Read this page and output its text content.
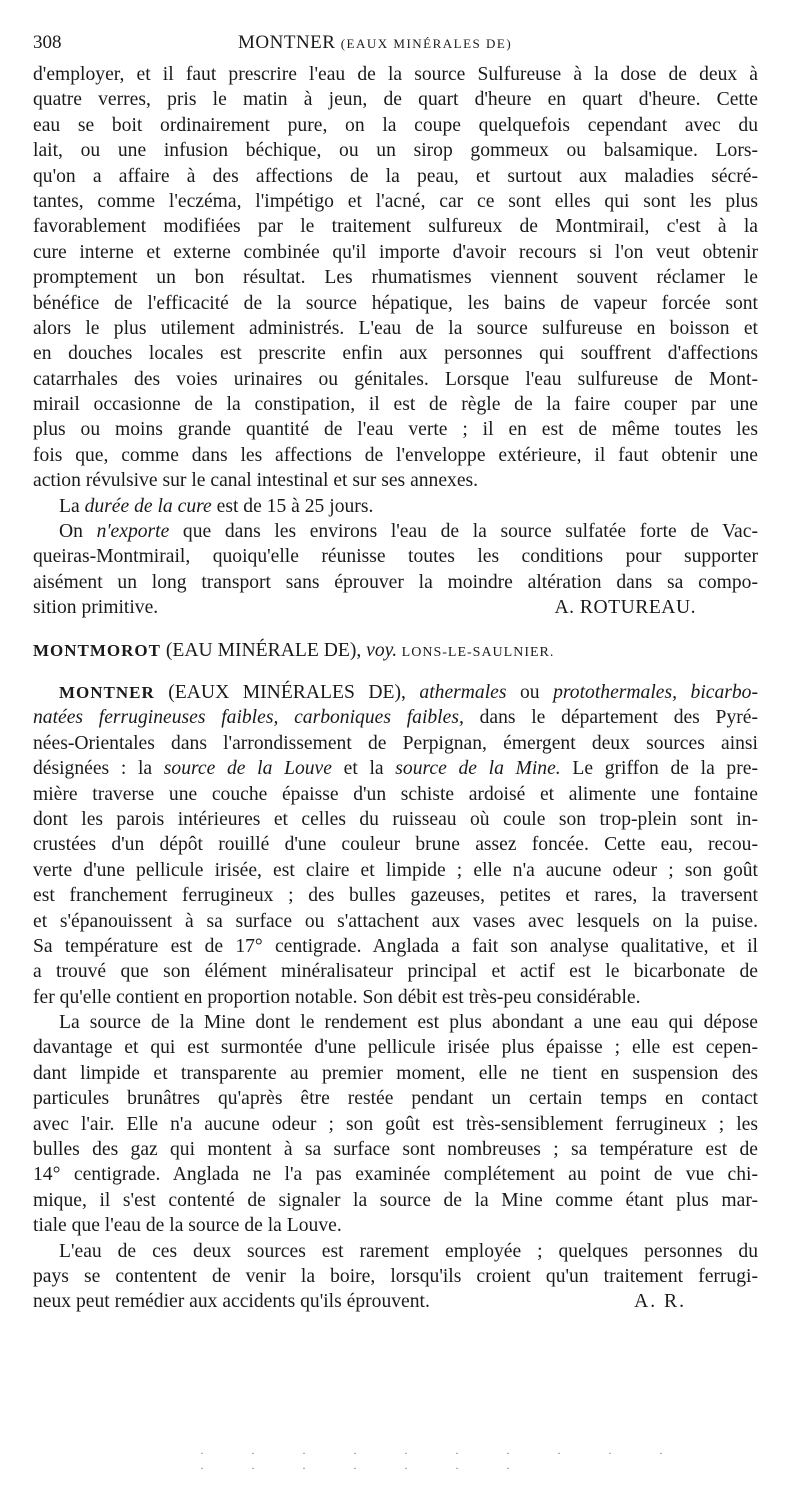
308	MONTNER (EAUX MINÉRALES DE)
d'employer, et il faut prescrire l'eau de la source Sulfureuse à la dose de deux à
quatre verres, pris le matin à jeun, de quart d'heure en quart d'heure. Cette
eau se boit ordinairement pure, on la coupe quelquefois cependant avec du
lait, ou une infusion béchique, ou un sirop gommeux ou balsamique. Lors-
qu'on a affaire à des affections de la peau, et surtout aux maladies sécré-
tantes, comme l'eczéma, l'impétigo et l'acné, car ce sont elles qui sont les plus
favorablement modifiées par le traitement sulfureux de Montmirail, c'est à la
cure interne et externe combinée qu'il importe d'avoir recours si l'on veut obtenir
promptement un bon résultat. Les rhumatismes viennent souvent réclamer le
bénéfice de l'efficacité de la source hépatique, les bains de vapeur forcée sont
alors le plus utilement administrés. L'eau de la source sulfureuse en boisson et
en douches locales est prescrite enfin aux personnes qui souffrent d'affections
catarrhales des voies urinaires ou génitales. Lorsque l'eau sulfureuse de Mont-
mirail occasionne de la constipation, il est de règle de la faire couper par une
plus ou moins grande quantité de l'eau verte ; il en est de même toutes les
fois que, comme dans les affections de l'enveloppe extérieure, il faut obtenir une
action révulsive sur le canal intestinal et sur ses annexes.
La durée de la cure est de 15 à 25 jours.
On n'exporte que dans les environs l'eau de la source sulfatée forte de Vac-
queiras-Montmirail, quoiqu'elle réunisse toutes les conditions pour supporter
aisément un long transport sans éprouver la moindre altération dans sa compo-
sition primitive.	A. ROTUREAU.
MONTMOROT (EAU MINÉRALE DE), voy. LONS-LE-SAULNIER.
MONTNER (EAUX MINÉRALES DE), athermales ou protothermales, bicarbo-
natées ferrugineuses faibles, carboniques faibles, dans le département des Pyré-
nées-Orientales dans l'arrondissement de Perpignan, émergent deux sources ainsi
désignées : la source de la Louve et la source de la Mine. Le griffon de la pre-
mière traverse une couche épaisse d'un schiste ardoisé et alimente une fontaine
dont les parois intérieures et celles du ruisseau où coule son trop-plein sont in-
crustées d'un dépôt rouillé d'une couleur brune assez foncée. Cette eau, recou-
verte d'une pellicule irisée, est claire et limpide ; elle n'a aucune odeur ; son goût
est franchement ferrugineux ; des bulles gazeuses, petites et rares, la traversent
et s'épanouissent à sa surface ou s'attachent aux vases avec lesquels on la puise.
Sa température est de 17° centigrade. Anglada a fait son analyse qualitative, et il
a trouvé que son élément minéralisateur principal et actif est le bicarbonate de
fer qu'elle contient en proportion notable. Son débit est très-peu considérable.
La source de la Mine dont le rendement est plus abondant a une eau qui dépose
davantage et qui est surmontée d'une pellicule irisée plus épaisse ; elle est cepen-
dant limpide et transparente au premier moment, elle ne tient en suspension des
particules brunâtres qu'après être restée pendant un certain temps en contact
avec l'air. Elle n'a aucune odeur ; son goût est très-sensiblement ferrugineux ; les
bulles des gaz qui montent à sa surface sont nombreuses ; sa température est de
14° centigrade. Anglada ne l'a pas examinée complétement au point de vue chi-
mique, il s'est contenté de signaler la source de la Mine comme étant plus mar-
tiale que l'eau de la source de la Louve.
L'eau de ces deux sources est rarement employée ; quelques personnes du
pays se contentent de venir la boire, lorsqu'ils croient qu'un traitement ferrugi-
neux peut remédier aux accidents qu'ils éprouvent.	A. R.
· · · · · · · · · · · · · · · · ·
